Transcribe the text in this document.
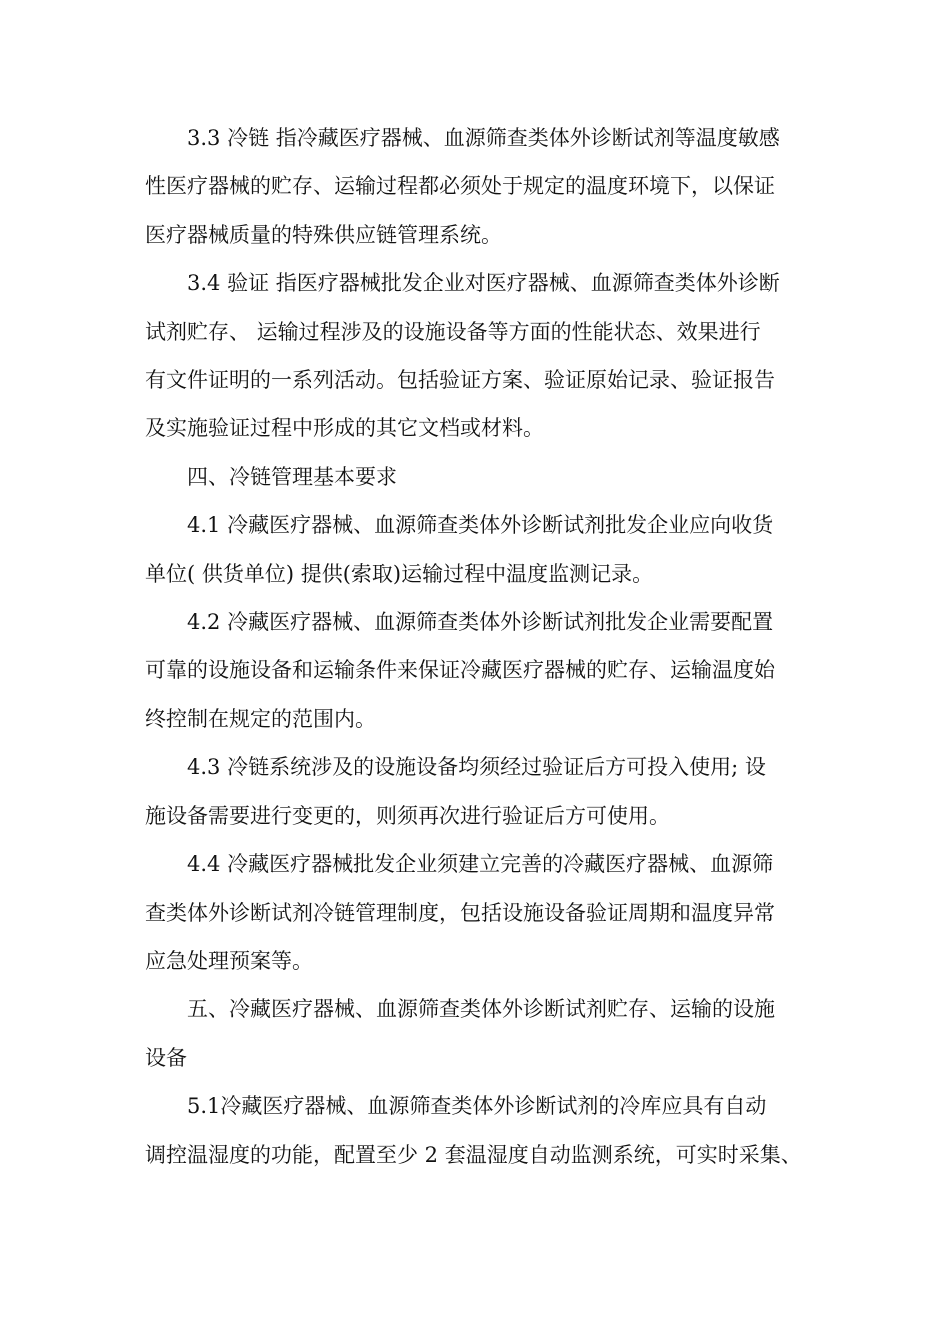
3.3 冷链 指冷藏医疗器械、血源筛查类体外诊断试剂等温度敏感
性医疗器械的贮存、运输过程都必须处于规定的温度环境下，以保证
医疗器械质量的特殊供应链管理系统。

3.4 验证 指医疗器械批发企业对医疗器械、血源筛查类体外诊断
试剂贮存、 运输过程涉及的设施设备等方面的性能状态、效果进行
有文件证明的一系列活动。包括验证方案、验证原始记录、验证报告
及实施验证过程中形成的其它文档或材料。

四、冷链管理基本要求

4.1 冷藏医疗器械、血源筛查类体外诊断试剂批发企业应向收货
单位( 供货单位) 提供(索取)运输过程中温度监测记录。

4.2 冷藏医疗器械、血源筛查类体外诊断试剂批发企业需要配置
可靠的设施设备和运输条件来保证冷藏医疗器械的贮存、运输温度始
终控制在规定的范围内。

4.3 冷链系统涉及的设施设备均须经过验证后方可投入使用; 设
施设备需要进行变更的，则须再次进行验证后方可使用。

4.4 冷藏医疗器械批发企业须建立完善的冷藏医疗器械、血源筛
查类体外诊断试剂冷链管理制度，包括设施设备验证周期和温度异常
应急处理预案等。

五、冷藏医疗器械、血源筛查类体外诊断试剂贮存、运输的设施
设备

5.1冷藏医疗器械、血源筛查类体外诊断试剂的冷库应具有自动
调控温湿度的功能，配置至少 2 套温湿度自动监测系统，可实时采集、
